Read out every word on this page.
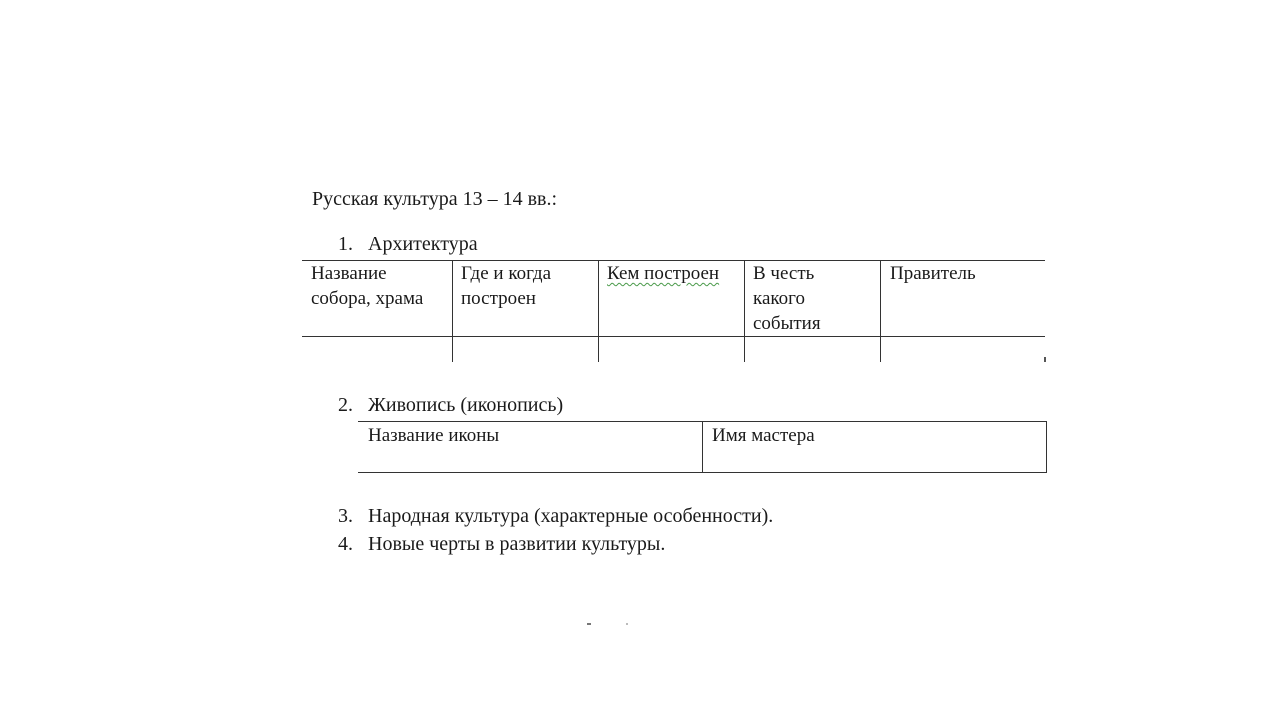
Русская культура 13 – 14 вв.:
1. Архитектура
Название
собора, храма
Где и когда
построен
Кем построен В честь
какого
события
Правитель
2. Живопись (иконопись)
Название иконы	Имя мастера
3. Народная культура (характерные особенности).
4. Новые черты в развитии культуры.
